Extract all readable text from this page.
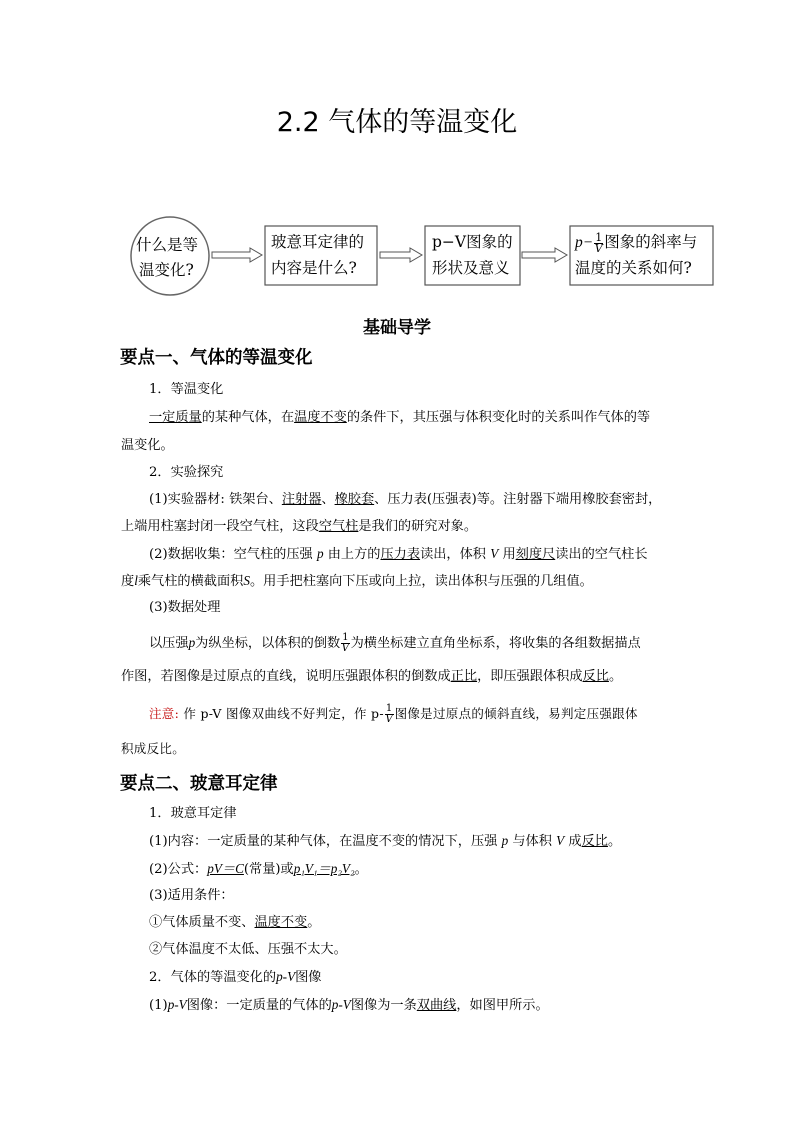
2.2 气体的等温变化
什么是等
温变化?
玻意耳定律的
内容是什么?
p−V图象的
形状及意义
$p- \frac{1}{V}$ 图象的斜率与
温度的关系如何?
基础导学
要点一、气体的等温变化
1．等温变化
一定质量的某种气体，在温度不变的条件下，其压强与体积变化时的关系叫作气体的等
温变化。
2．实验探究
(1)实验器材: 铁架台、注射器、橡胶套、压力表(压强表)等。注射器下端用橡胶套密封，
上端用柱塞封闭一段空气柱，这段空气柱是我们的研究对象。
(2)数据收集：空气柱的压强 p 由上方的压力表读出，体积 V 用刻度尺读出的空气柱长
度l乘气柱的横截面积S。用手把柱塞向下压或向上拉，读出体积与压强的几组值。
(3)数据处理
以压强p为纵坐标，以体积的倒数 $\frac{1}{V}$ 为横坐标建立直角坐标系，将收集的各组数据描点
作图，若图像是过原点的直线，说明压强跟体积的倒数成正比，即压强跟体积成反比。
注意: 作 p-V 图像双曲线不好判定，作 $p- \frac{1}{V}$ 图像是过原点的倾斜直线，易判定压强跟体
积成反比。
要点二、玻意耳定律
1．玻意耳定律
(1)内容：一定质量的某种气体，在温度不变的情况下，压强 p 与体积 V 成反比。
(2)公式：pV＝C(常量)或p₁V₁＝p₂V₂。
(3)适用条件：
①气体质量不变、温度不变。
②气体温度不太低、压强不太大。
2．气体的等温变化的p-V图像
(1)p-V图像：一定质量的气体的p-V图像为一条双曲线，如图甲所示。
